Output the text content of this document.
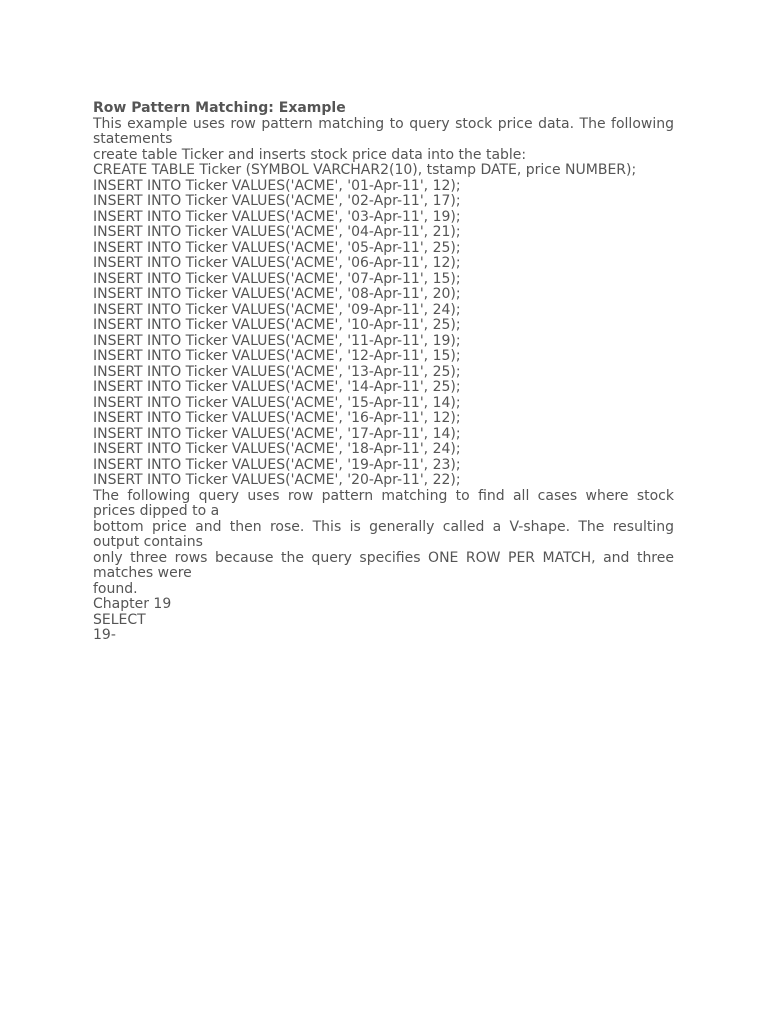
Row Pattern Matching: Example

This example uses row pattern matching to query stock price data. The following

statements

create table Ticker and inserts stock price data into the table:

CREATE TABLE Ticker (SYMBOL VARCHAR2(10), tstamp DATE, price NUMBER);

INSERT INTO Ticker VALUES('ACME', '01-Apr-11', 12);

INSERT INTO Ticker VALUES('ACME', '02-Apr-11', 17);

INSERT INTO Ticker VALUES('ACME', '03-Apr-11', 19);

INSERT INTO Ticker VALUES('ACME', '04-Apr-11', 21);

INSERT INTO Ticker VALUES('ACME', '05-Apr-11', 25);

INSERT INTO Ticker VALUES('ACME', '06-Apr-11', 12);

INSERT INTO Ticker VALUES('ACME', '07-Apr-11', 15);

INSERT INTO Ticker VALUES('ACME', '08-Apr-11', 20);

INSERT INTO Ticker VALUES('ACME', '09-Apr-11', 24);

INSERT INTO Ticker VALUES('ACME', '10-Apr-11', 25);

INSERT INTO Ticker VALUES('ACME', '11-Apr-11', 19);

INSERT INTO Ticker VALUES('ACME', '12-Apr-11', 15);

INSERT INTO Ticker VALUES('ACME', '13-Apr-11', 25);

INSERT INTO Ticker VALUES('ACME', '14-Apr-11', 25);

INSERT INTO Ticker VALUES('ACME', '15-Apr-11', 14);

INSERT INTO Ticker VALUES('ACME', '16-Apr-11', 12);

INSERT INTO Ticker VALUES('ACME', '17-Apr-11', 14);

INSERT INTO Ticker VALUES('ACME', '18-Apr-11', 24);

INSERT INTO Ticker VALUES('ACME', '19-Apr-11', 23);

INSERT INTO Ticker VALUES('ACME', '20-Apr-11', 22);

The following query uses row pattern matching to find all cases where stock

prices dipped to a

bottom price and then rose. This is generally called a V-shape. The resulting

output contains

only three rows because the query specifies ONE ROW PER MATCH, and three

matches were

found.

Chapter 19

SELECT

19-
